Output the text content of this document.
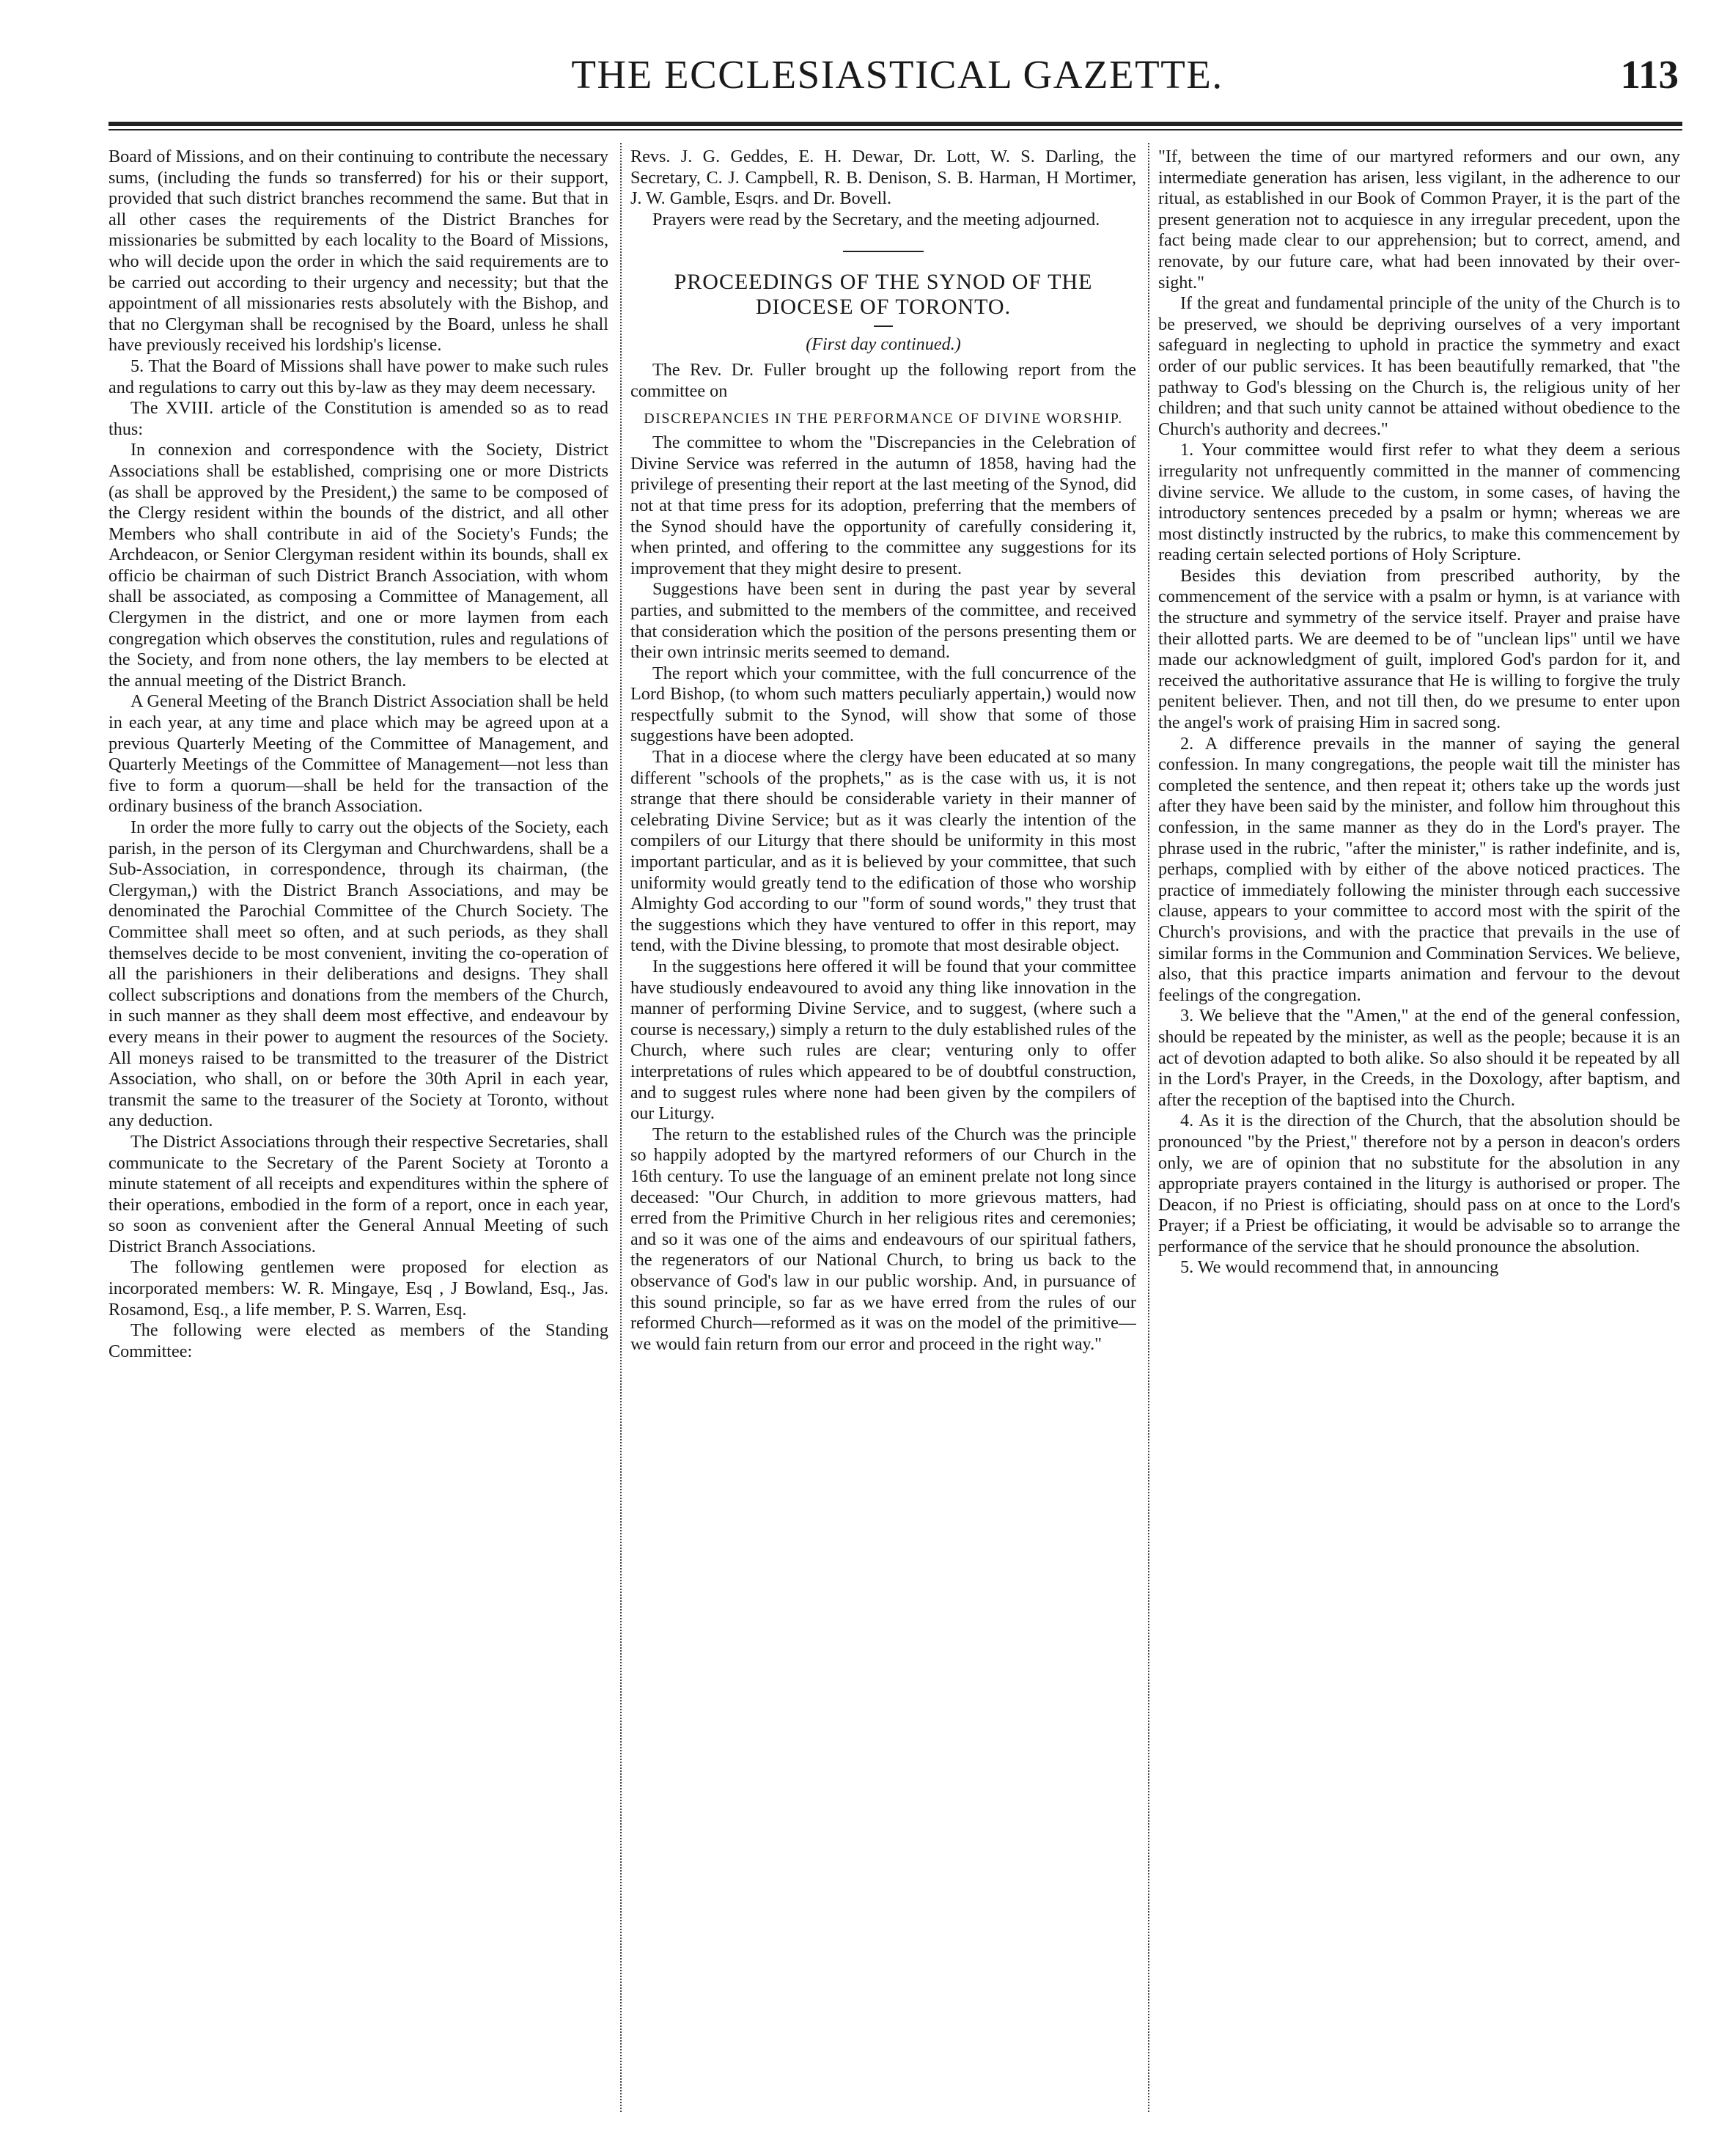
THE ECCLESIASTICAL GAZETTE.	113

Board of Missions, and on their continuing to contribute the necessary sums, (including the funds so transferred) for his or their support, provided that such district branches recommend the same. But that in all other cases the requirements of the District Branches for missionaries be submitted by each locality to the Board of Missions, who will decide upon the order in which the said requirements are to be carried out according to their urgency and necessity; but that the appointment of all missionaries rests absolutely with the Bishop, and that no Clergyman shall be recognised by the Board, unless he shall have previously received his lordship's license.

5. That the Board of Missions shall have power to make such rules and regulations to carry out this by-law as they may deem necessary.

The XVIII. article of the Constitution is amended so as to read thus:

In connexion and correspondence with the Society, District Associations shall be established, comprising one or more Districts (as shall be approved by the President,) the same to be composed of the Clergy resident within the bounds of the district, and all other Members who shall contribute in aid of the Society's Funds; the Archdeacon, or Senior Clergyman resident within its bounds, shall ex officio be chairman of such District Branch Association, with whom shall be associated, as composing a Committee of Management, all Clergymen in the district, and one or more laymen from each congregation which observes the constitution, rules and regulations of the Society, and from none others, the lay members to be elected at the annual meeting of the District Branch.

A General Meeting of the Branch District Association shall be held in each year, at any time and place which may be agreed upon at a previous Quarterly Meeting of the Committee of Management, and Quarterly Meetings of the Committee of Management—not less than five to form a quorum—shall be held for the transaction of the ordinary business of the branch Association.

In order the more fully to carry out the objects of the Society, each parish, in the person of its Clergyman and Churchwardens, shall be a Sub-Association, in correspondence, through its chairman, (the Clergyman,) with the District Branch Associations, and may be denominated the Parochial Committee of the Church Society. The Committee shall meet so often, and at such periods, as they shall themselves decide to be most convenient, inviting the co-operation of all the parishioners in their deliberations and designs. They shall collect subscriptions and donations from the members of the Church, in such manner as they shall deem most effective, and endeavour by every means in their power to augment the resources of the Society. All moneys raised to be transmitted to the treasurer of the District Association, who shall, on or before the 30th April in each year, transmit the same to the treasurer of the Society at Toronto, without any deduction.

The District Associations through their respective Secretaries, shall communicate to the Secretary of the Parent Society at Toronto a minute statement of all receipts and expenditures within the sphere of their operations, embodied in the form of a report, once in each year, so soon as convenient after the General Annual Meeting of such District Branch Associations.

The following gentlemen were proposed for election as incorporated members: W. R. Mingaye, Esq , J Bowland, Esq., Jas. Rosamond, Esq., a life member, P. S. Warren, Esq.

The following were elected as members of the Standing Committee:

Revs. J. G. Geddes, E. H. Dewar, Dr. Lott, W. S. Darling, the Secretary, C. J. Campbell, R. B. Denison, S. B. Harman, H Mortimer, J. W. Gamble, Esqrs. and Dr. Bovell.

Prayers were read by the Secretary, and the meeting adjourned.

PROCEEDINGS OF THE SYNOD OF THE DIOCESE OF TORONTO.

(First day continued.)

The Rev. Dr. Fuller brought up the following report from the committee on

DISCREPANCIES IN THE PERFORMANCE OF DIVINE WORSHIP.

The committee to whom the "Discrepancies in the Celebration of Divine Service was referred in the autumn of 1858, having had the privilege of presenting their report at the last meeting of the Synod, did not at that time press for its adoption, preferring that the members of the Synod should have the opportunity of carefully considering it, when printed, and offering to the committee any suggestions for its improvement that they might desire to present.

Suggestions have been sent in during the past year by several parties, and submitted to the members of the committee, and received that consideration which the position of the persons presenting them or their own intrinsic merits seemed to demand.

The report which your committee, with the full concurrence of the Lord Bishop, (to whom such matters peculiarly appertain,) would now respectfully submit to the Synod, will show that some of those suggestions have been adopted.

That in a diocese where the clergy have been educated at so many different "schools of the prophets," as is the case with us, it is not strange that there should be considerable variety in their manner of celebrating Divine Service; but as it was clearly the intention of the compilers of our Liturgy that there should be uniformity in this most important particular, and as it is believed by your committee, that such uniformity would greatly tend to the edification of those who worship Almighty God according to our "form of sound words," they trust that the suggestions which they have ventured to offer in this report, may tend, with the Divine blessing, to promote that most desirable object.

In the suggestions here offered it will be found that your committee have studiously endeavoured to avoid any thing like innovation in the manner of performing Divine Service, and to suggest, (where such a course is necessary,) simply a return to the duly established rules of the Church, where such rules are clear; venturing only to offer interpretations of rules which appeared to be of doubtful construction, and to suggest rules where none had been given by the compilers of our Liturgy.

The return to the established rules of the Church was the principle so happily adopted by the martyred reformers of our Church in the 16th century. To use the language of an eminent prelate not long since deceased: "Our Church, in addition to more grievous matters, had erred from the Primitive Church in her religious rites and ceremonies; and so it was one of the aims and endeavours of our spiritual fathers, the regenerators of our National Church, to bring us back to the observance of God's law in our public worship. And, in pursuance of this sound principle, so far as we have erred from the rules of our reformed Church—reformed as it was on the model of the primitive—we would fain return from our error and proceed in the right way."

"If, between the time of our martyred reformers and our own, any intermediate generation has arisen, less vigilant, in the adherence to our ritual, as established in our Book of Common Prayer, it is the part of the present generation not to acquiesce in any irregular precedent, upon the fact being made clear to our apprehension; but to correct, amend, and renovate, by our future care, what had been innovated by their over-sight."

If the great and fundamental principle of the unity of the Church is to be preserved, we should be depriving ourselves of a very important safeguard in neglecting to uphold in practice the symmetry and exact order of our public services. It has been beautifully remarked, that "the pathway to God's blessing on the Church is, the religious unity of her children; and that such unity cannot be attained without obedience to the Church's authority and decrees."

1. Your committee would first refer to what they deem a serious irregularity not unfrequently committed in the manner of commencing divine service. We allude to the custom, in some cases, of having the introductory sentences preceded by a psalm or hymn; whereas we are most distinctly instructed by the rubrics, to make this commencement by reading certain selected portions of Holy Scripture.

Besides this deviation from prescribed authority, by the commencement of the service with a psalm or hymn, is at variance with the structure and symmetry of the service itself. Prayer and praise have their allotted parts. We are deemed to be of "unclean lips" until we have made our acknowledgment of guilt, implored God's pardon for it, and received the authoritative assurance that He is willing to forgive the truly penitent believer. Then, and not till then, do we presume to enter upon the angel's work of praising Him in sacred song.

2. A difference prevails in the manner of saying the general confession. In many congregations, the people wait till the minister has completed the sentence, and then repeat it; others take up the words just after they have been said by the minister, and follow him throughout this confession, in the same manner as they do in the Lord's prayer. The phrase used in the rubric, "after the minister," is rather indefinite, and is, perhaps, complied with by either of the above noticed practices. The practice of immediately following the minister through each successive clause, appears to your committee to accord most with the spirit of the Church's provisions, and with the practice that prevails in the use of similar forms in the Communion and Commination Services. We believe, also, that this practice imparts animation and fervour to the devout feelings of the congregation.

3. We believe that the "Amen," at the end of the general confession, should be repeated by the minister, as well as the people; because it is an act of devotion adapted to both alike. So also should it be repeated by all in the Lord's Prayer, in the Creeds, in the Doxology, after baptism, and after the reception of the baptised into the Church.

4. As it is the direction of the Church, that the absolution should be pronounced "by the Priest," therefore not by a person in deacon's orders only, we are of opinion that no substitute for the absolution in any appropriate prayers contained in the liturgy is authorised or proper. The Deacon, if no Priest is officiating, should pass on at once to the Lord's Prayer; if a Priest be officiating, it would be advisable so to arrange the performance of the service that he should pronounce the absolution.

5. We would recommend that, in announcing
